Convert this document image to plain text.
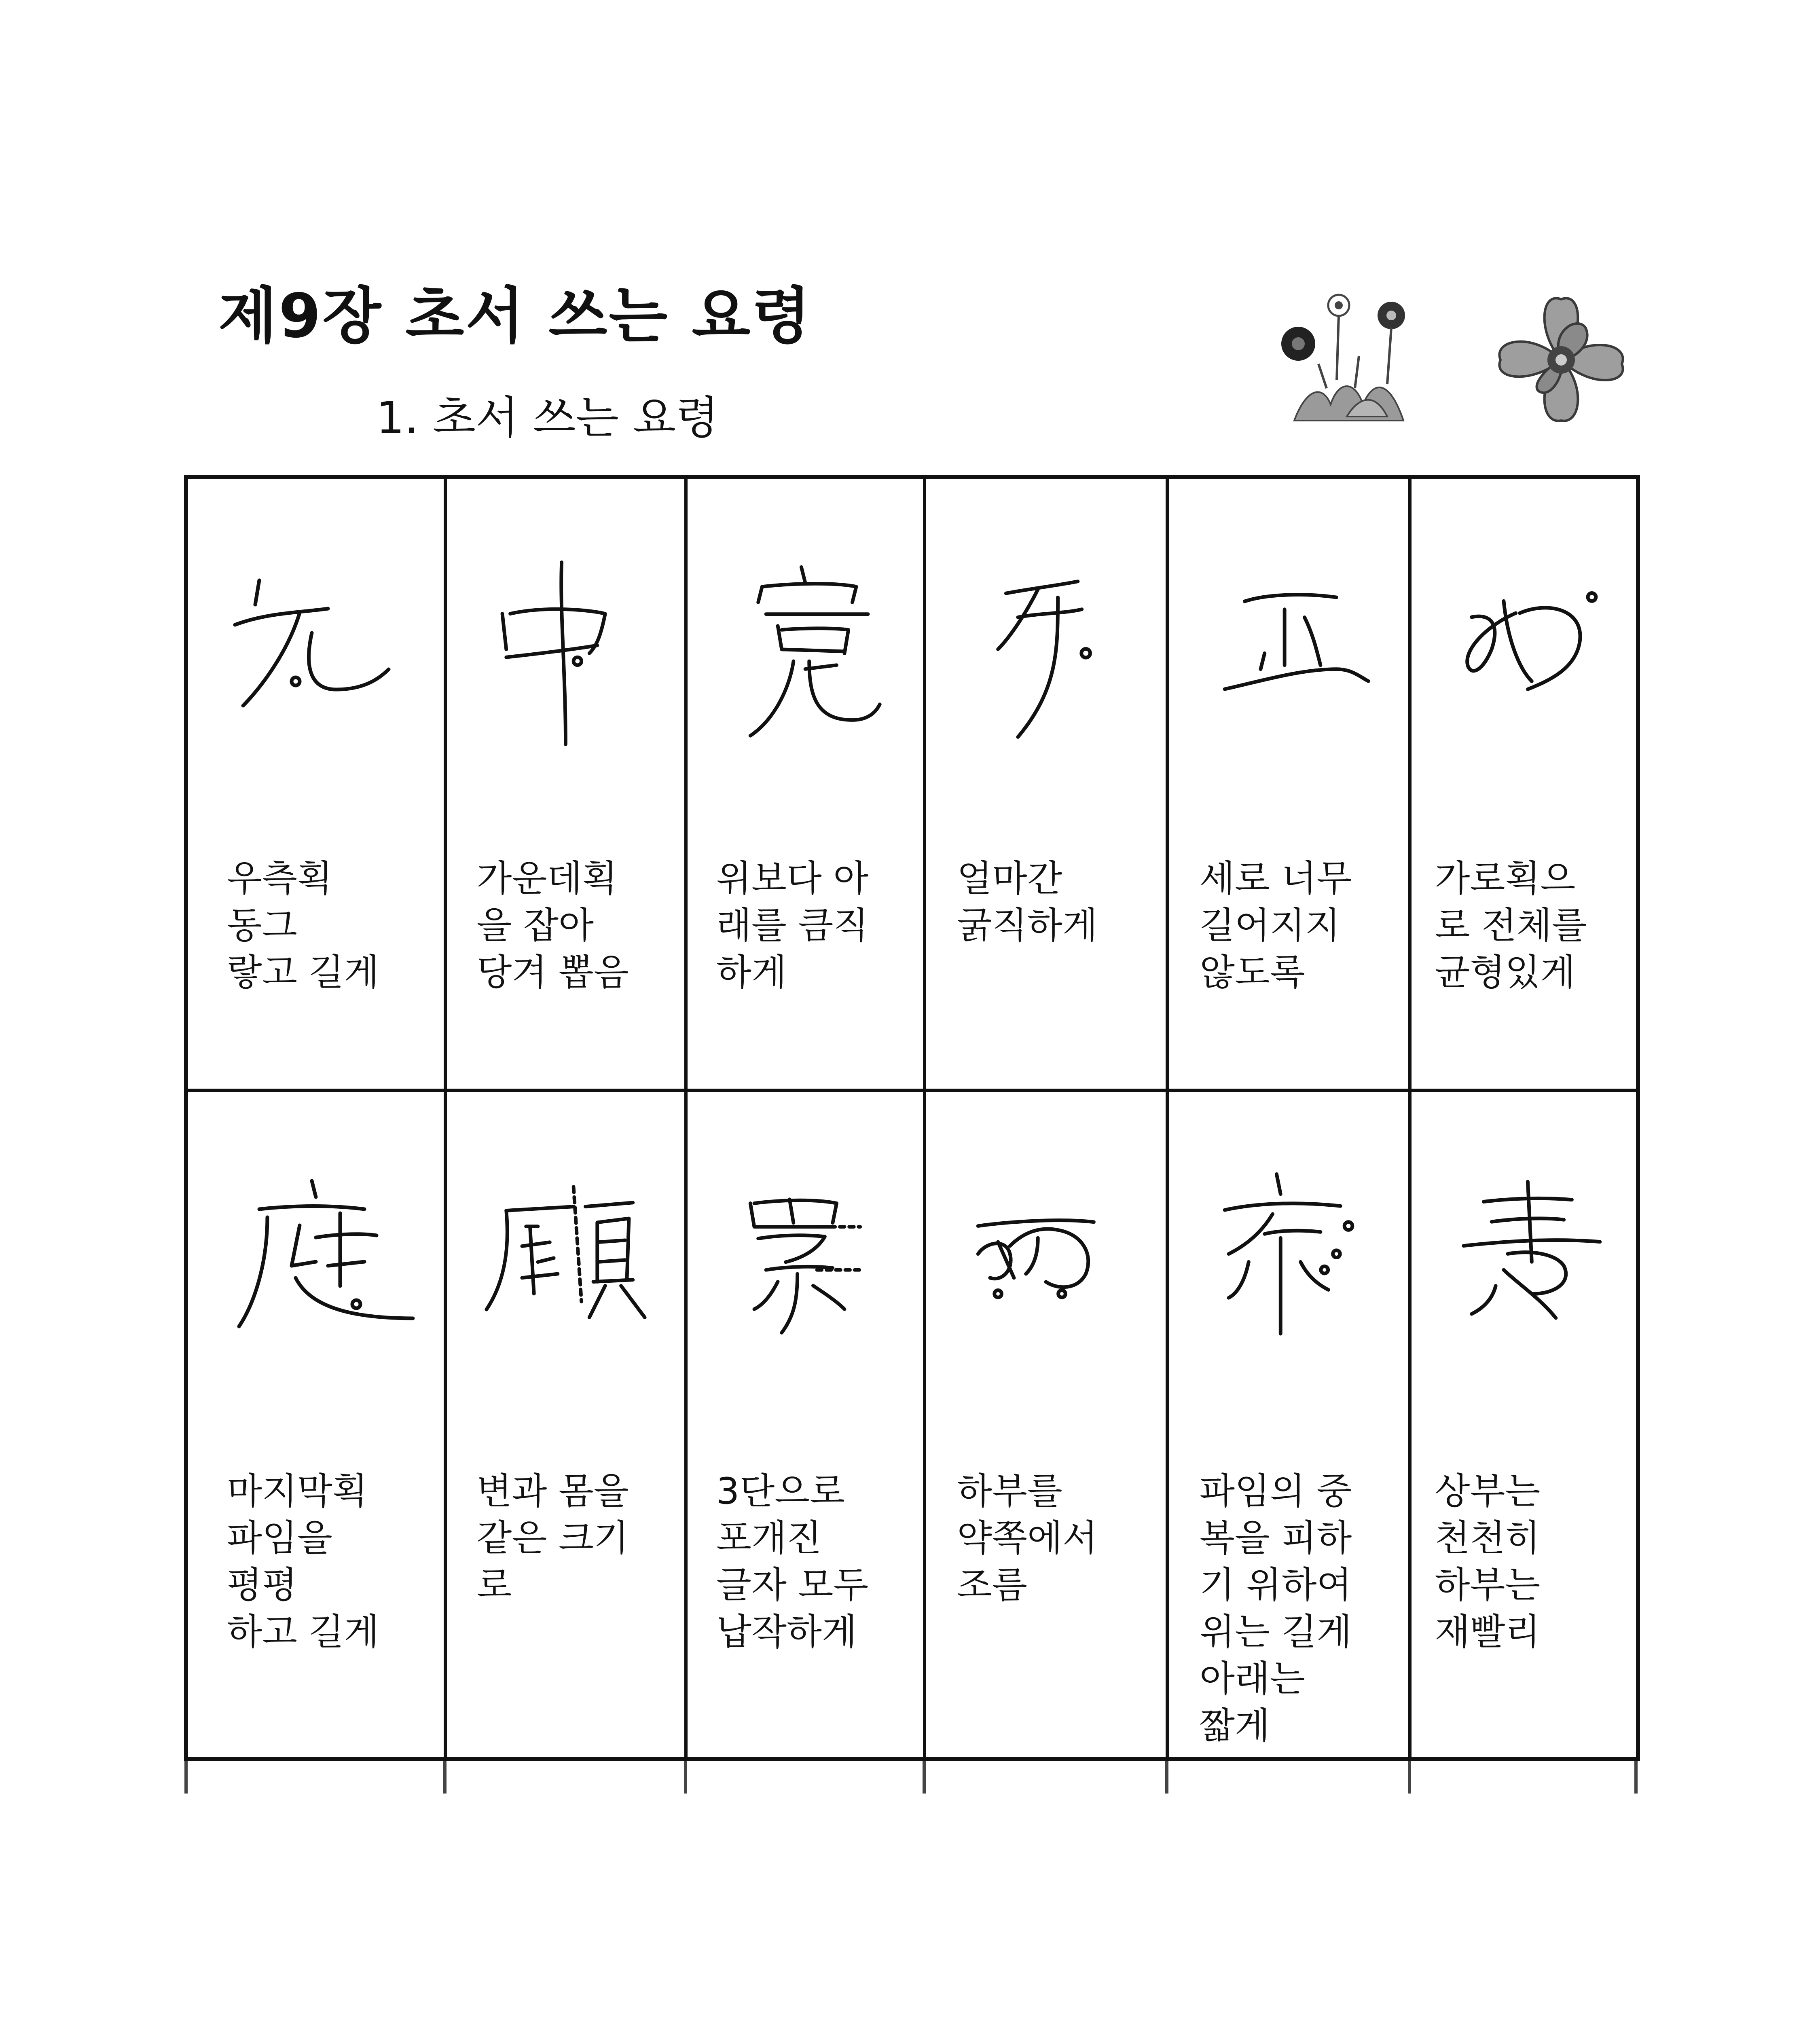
제9장 초서 쓰는 요령
1. 초서 쓰는 요령
우측획 동그
랗고 길게
가운데획
을 잡아
당겨 뽑음
위보다 아
래를 큼직
하게
얼마간
굵직하게
세로 너무
길어지지
않도록
가로획으
로 전체를
균형있게
마지막획
파임을 평평
하고 길게
변과 몸을
같은 크기
로
3단으로
포개진
글자 모두
납작하게
하부를
약쪽에서
조름
파임의 중
복을 피하
기 위하여
위는 길게
아래는 짧게
상부는
천천히
하부는
재빨리
